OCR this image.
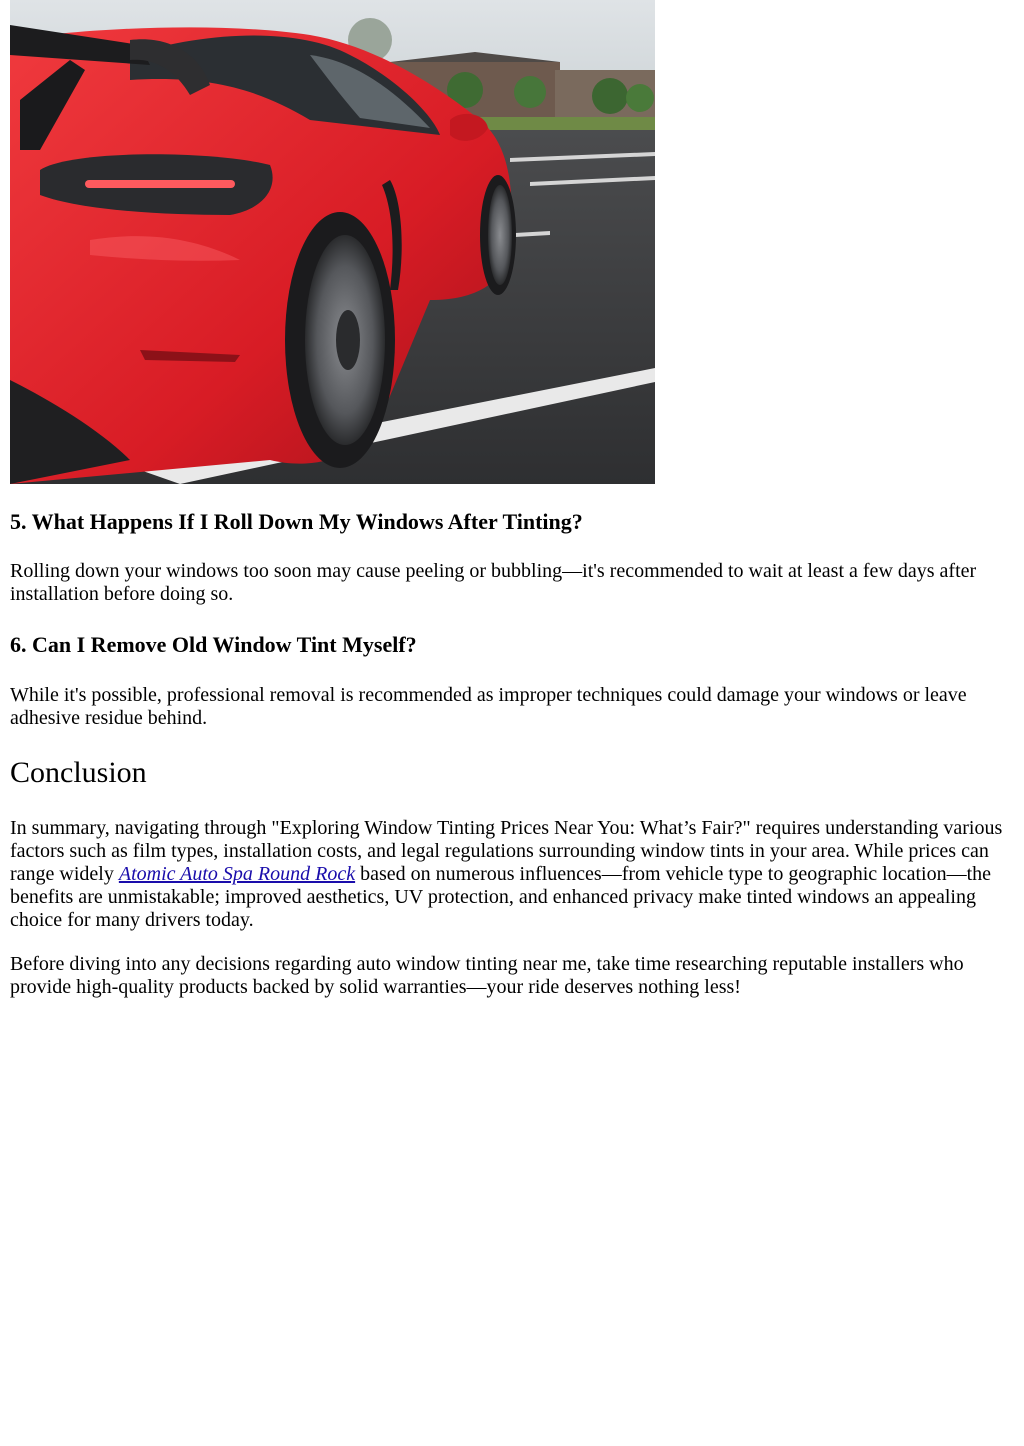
5. What Happens If I Roll Down My Windows After Tinting?

Rolling down your windows too soon may cause peeling or bubbling—it's recommended to wait at least a few days after installation before doing so.

6. Can I Remove Old Window Tint Myself?

While it's possible, professional removal is recommended as improper techniques could damage your windows or leave adhesive residue behind.

Conclusion

In summary, navigating through "Exploring Window Tinting Prices Near You: What’s Fair?" requires understanding various factors such as film types, installation costs, and legal regulations surrounding window tints in your area. While prices can range widely Atomic Auto Spa Round Rock based on numerous influences—from vehicle type to geographic location—the benefits are unmistakable; improved aesthetics, UV protection, and enhanced privacy make tinted windows an appealing choice for many drivers today.

Before diving into any decisions regarding auto window tinting near me, take time researching reputable installers who provide high-quality products backed by solid warranties—your ride deserves nothing less!
